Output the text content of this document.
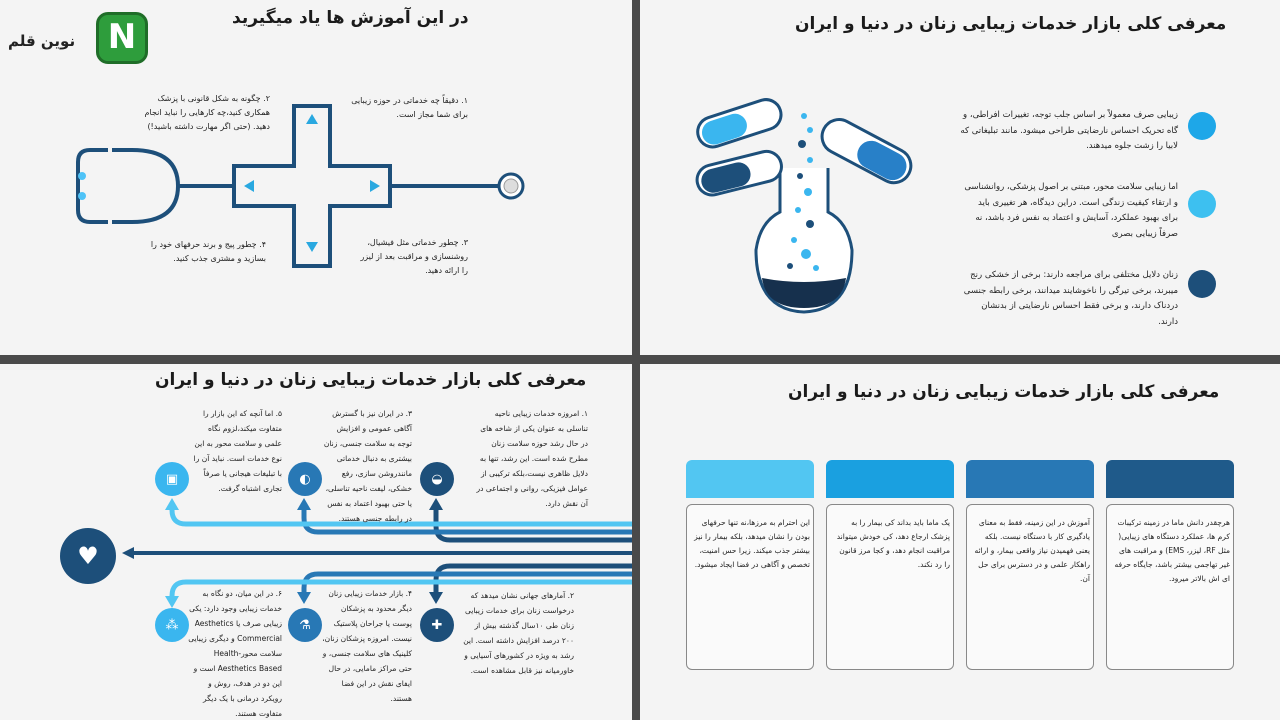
نوین قلم N	در این آموزش ها یاد میگیرید
۱. دقیقاً چه خدماتی در حوزه زیبایی برای شما مجاز است.
۲. چگونه به شکل قانونی با پزشک همکاری کنید،چه کارهایی را نباید انجام دهید. (حتی اگر مهارت داشته باشید!)
۳. چطور خدماتی مثل فیشیال، روشنسازی و مراقبت بعد از لیزر را ارائه دهید.
۴. چطور پیج و برند حرفهای خود را بسازید و مشتری جذب کنید.
معرفی کلی بازار خدمات زیبایی زنان در دنیا و ایران
زیبایی صرف معمولاً بر اساس جلب توجه، تغییرات افراطی، و گاه تحریک احساس نارضایتی طراحی میشود. مانند تبلیغاتی که لابیا را زشت جلوه میدهند.
اما زیبایی سلامت محور، مبتنی بر اصول پزشکی، روانشناسی و ارتقاء کیفیت زندگی است. دراین دیدگاه، هر تغییری باید برای بهبود عملکرد، آسایش و اعتماد به نفس فرد باشد، نه صرفاً زیبایی بصری
زنان دلایل مختلفی برای مراجعه دارند: برخی از خشکی رنج میبرند، برخی تیرگی را ناخوشایند میدانند، برخی رابطه جنسی دردناک دارند، و برخی فقط احساس نارضایتی از بدنشان دارند.
معرفی کلی بازار خدمات زیبایی زنان در دنیا و ایران
♥
◒
◐
▣
✚
⚗
⁂
۱. امروزه خدمات زیبایی ناحیه تناسلی به عنوان یکی از شاخه های در حال رشد حوزه سلامت زنان مطرح شده است. این رشد، تنها به دلایل ظاهری نیست،بلکه ترکیبی از عوامل فیزیکی، روانی و اجتماعی در آن نقش دارد.
۲. آمارهای جهانی نشان میدهد که درخواست زنان برای خدمات زیبایی زنان طی ۱۰سال گذشته بیش از ۲۰۰ درصد افزایش داشته است. این رشد به ویژه در کشورهای آسیایی و خاورمیانه نیز قابل مشاهده است.
۳. در ایران نیز با گسترش آگاهی عمومی و افزایش توجه به سلامت جنسی، زنان بیشتری به دنبال خدماتی مانندروشن سازی، رفع خشکی، لیفت ناحیه تناسلی، یا حتی بهبود اعتماد به نفس در رابطه جنسی هستند.
۴. بازار خدمات زیبایی زنان دیگر محدود به پزشکان پوست یا جراحان پلاستیک نیست. امروزه پزشکان زنان، کلینیک های سلامت جنسی، و حتی مراکز مامایی، در حال ایفای نقش در این فضا هستند.
۵. اما آنچه که این بازار را متفاوت میکند،لزوم نگاه علمی و سلامت محور به این نوع خدمات است. نباید آن را با تبلیغات هیجانی یا صرفاً تجاری اشتباه گرفت.
۶. در این میان، دو نگاه به خدمات زیبایی وجود دارد: یکی زیبایی صرف یا Aesthetics Commercial و دیگری زیبایی سلامت محورHealth-Aesthetics Based است و این دو در هدف، روش و رویکرد درمانی با یک دیگر متفاوت هستند.
معرفی کلی بازار خدمات زیبایی زنان در دنیا و ایران
هرچقدر دانش ماما در زمینه ترکیبات کرم ها، عملکرد دستگاه های زیبایی( مثل RF، لیزر، EMS) و مراقبت های غیر تهاجمی بیشتر باشد، جایگاه حرفه ای اش بالاتر میرود.
آموزش در این زمینه، فقط به معنای یادگیری کار با دستگاه نیست. بلکه یعنی فهمیدن نیاز واقعی بیمار، و ارائه راهکار علمی و در دسترس برای حل آن.
یک ماما باید بداند کی بیمار را به پزشک ارجاع دهد، کی خودش میتواند مراقبت انجام دهد، و کجا مرز قانون را رد نکند.
این احترام به مرزها،نه تنها حرفهای بودن را نشان میدهد، بلکه بیمار را نیز بیشتر جذب میکند. زیرا حس امنیت، تخصص و آگاهی در فضا ایجاد میشود.
